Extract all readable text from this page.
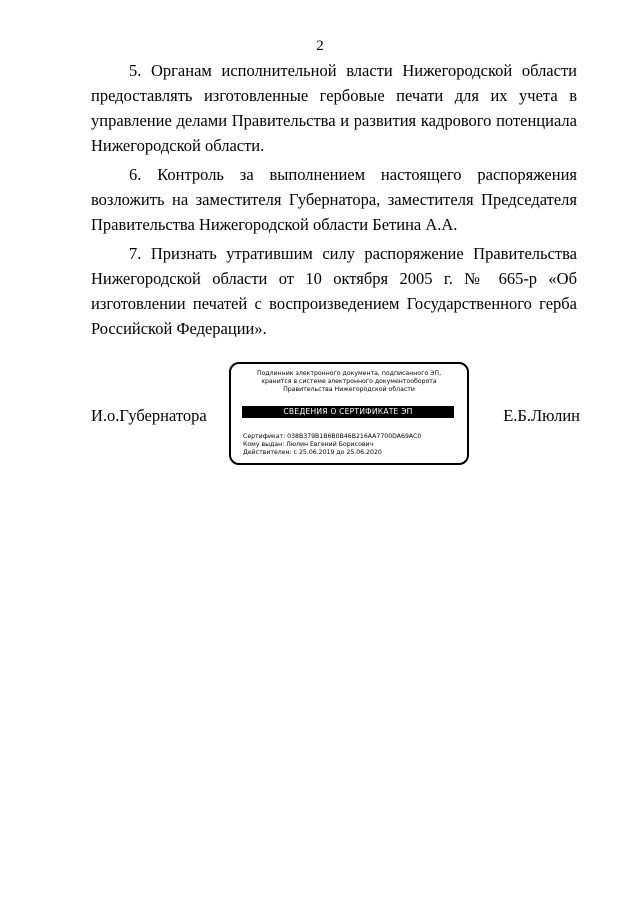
2

5. Органам исполнительной власти Нижегородской области предоставлять изготовленные гербовые печати для их учета в управление делами Правительства и развития кадрового потенциала Нижегородской области.

6. Контроль за выполнением настоящего распоряжения возложить на заместителя Губернатора, заместителя Председателя Правительства Нижегородской области Бетина А.А.

7. Признать утратившим силу распоряжение Правительства Нижегородской области от 10 октября 2005 г. № 665-р «Об изготовлении печатей с воспроизведением Государственного герба Российской Федерации».

И.о.Губернатора	Е.Б.Люлин
Подлинник электронного документа, подписанного ЭП,
хранится в системе электронного документооборота
Правительства Нижегородской области
СВЕДЕНИЯ О СЕРТИФИКАТЕ ЭП
Сертификат: 038B379B1B6B0B46B216AA7700DA69AC0
Кому выдан: Люлин Евгений Борисович
Действителен: с 25.06.2019 до 25.06.2020
